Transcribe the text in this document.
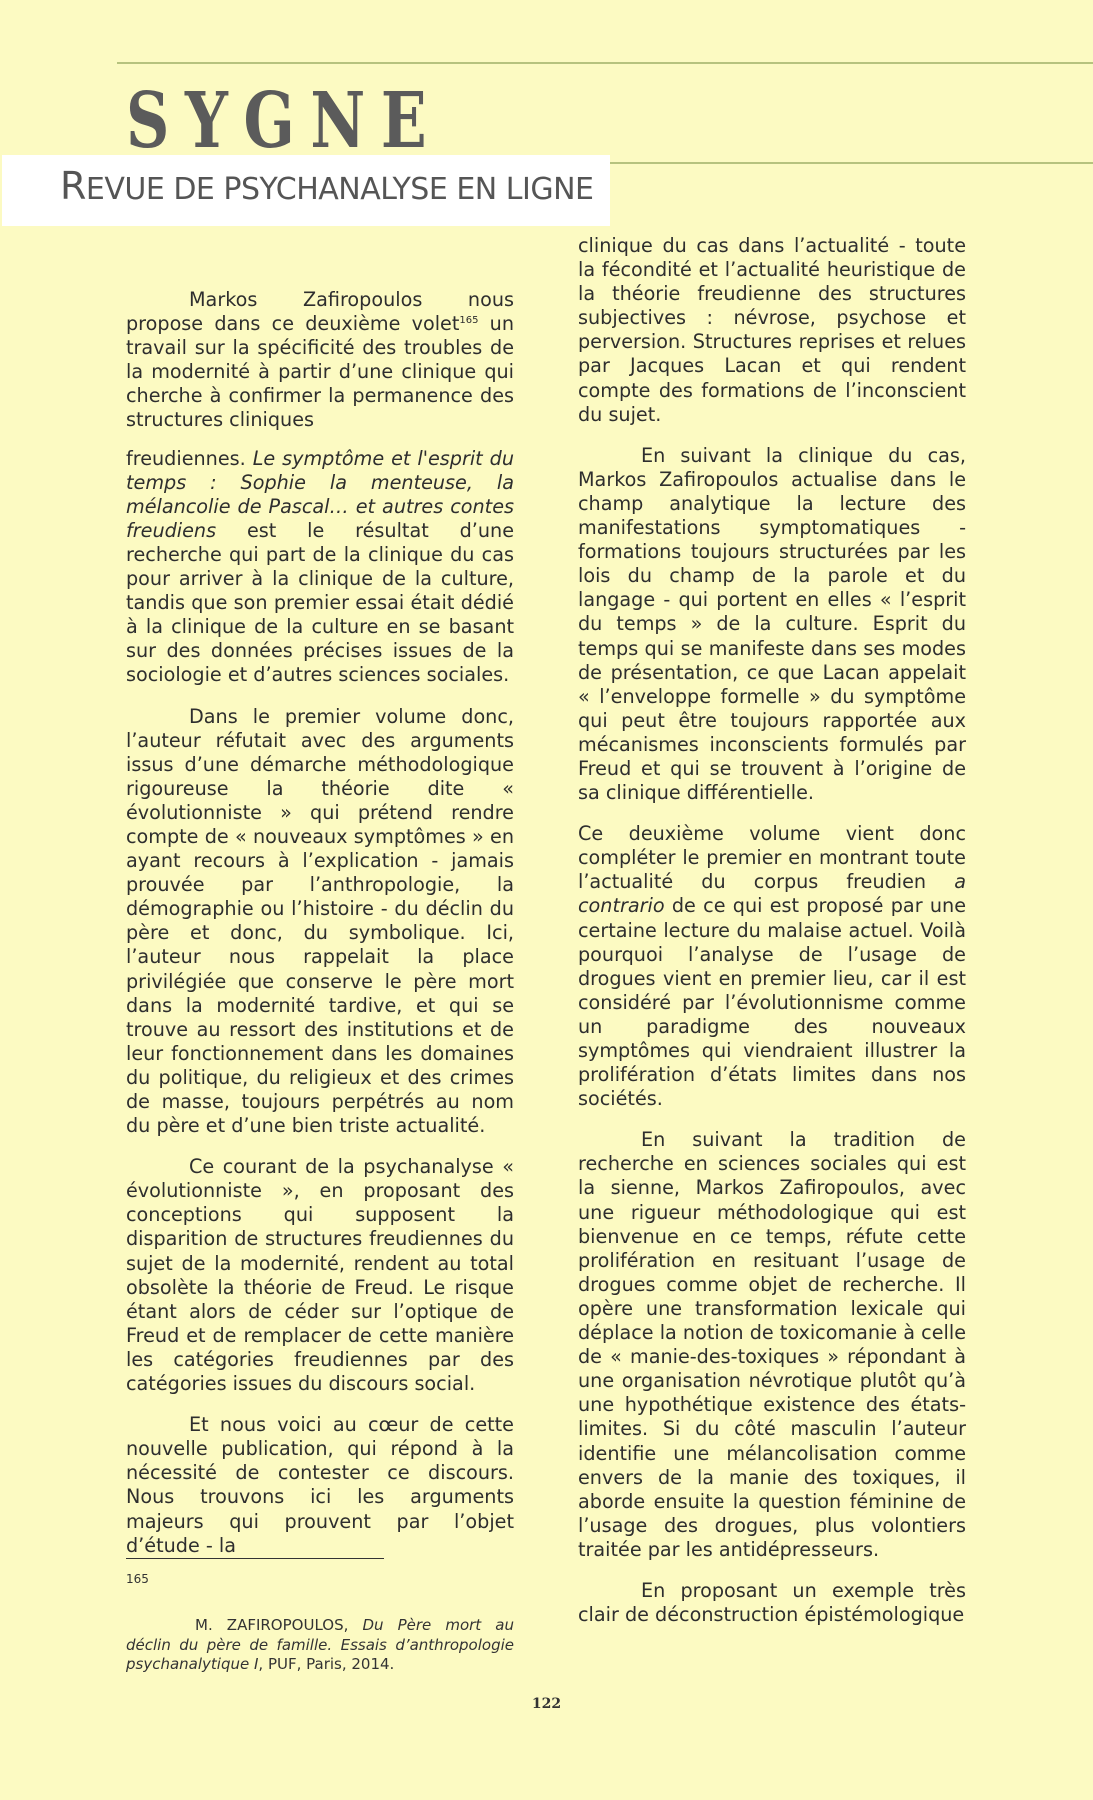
SYGNE
REVUE DE PSYCHANALYSE EN LIGNE

Markos Zafiropoulos nous propose dans ce deuxième volet$^{165}$ un travail sur la spécificité des troubles de la modernité à partir d’une clinique qui cherche à confirmer la permanence des structures cliniques

freudiennes. Le symptôme et l'esprit du temps : Sophie la menteuse, la mélancolie de Pascal… et autres contes freudiens est le résultat d’une recherche qui part de la clinique du cas pour arriver à la clinique de la culture, tandis que son premier essai était dédié à la clinique de la culture en se basant sur des données précises issues de la sociologie et d’autres sciences sociales.

Dans le premier volume donc, l’auteur réfutait avec des arguments issus d’une démarche méthodologique rigoureuse la théorie dite « évolutionniste » qui prétend rendre compte de « nouveaux symptômes » en ayant recours à l’explication - jamais prouvée par l’anthropologie, la démographie ou l’histoire - du déclin du père et donc, du symbolique. Ici, l’auteur nous rappelait la place privilégiée que conserve le père mort dans la modernité tardive, et qui se trouve au ressort des institutions et de leur fonctionnement dans les domaines du politique, du religieux et des crimes de masse, toujours perpétrés au nom du père et d’une bien triste actualité.

Ce courant de la psychanalyse « évolutionniste », en proposant des conceptions qui supposent la disparition de structures freudiennes du sujet de la modernité, rendent au total obsolète la théorie de Freud. Le risque étant alors de céder sur l’optique de Freud et de remplacer de cette manière les catégories freudiennes par des catégories issues du discours social.

Et nous voici au cœur de cette nouvelle publication, qui répond à la nécessité de contester ce discours. Nous trouvons ici les arguments majeurs qui prouvent par l’objet d’étude - la

clinique du cas dans l’actualité - toute la fécondité et l’actualité heuristique de la théorie freudienne des structures subjectives : névrose, psychose et perversion. Structures reprises et relues par Jacques Lacan et qui rendent compte des formations de l’inconscient du sujet.

En suivant la clinique du cas, Markos Zafiropoulos actualise dans le champ analytique la lecture des manifestations symptomatiques - formations toujours structurées par les lois du champ de la parole et du langage - qui portent en elles « l’esprit du temps » de la culture. Esprit du temps qui se manifeste dans ses modes de présentation, ce que Lacan appelait « l’enveloppe formelle » du symptôme qui peut être toujours rapportée aux mécanismes inconscients formulés par Freud et qui se trouvent à l’origine de sa clinique différentielle.

Ce deuxième volume vient donc compléter le premier en montrant toute l’actualité du corpus freudien a contrario de ce qui est proposé par une certaine lecture du malaise actuel. Voilà pourquoi l’analyse de l’usage de drogues vient en premier lieu, car il est considéré par l’évolutionnisme comme un paradigme des nouveaux symptômes qui viendraient illustrer la prolifération d’états limites dans nos sociétés.

En suivant la tradition de recherche en sciences sociales qui est la sienne, Markos Zafiropoulos, avec une rigueur méthodologique qui est bienvenue en ce temps, réfute cette prolifération en resituant l’usage de drogues comme objet de recherche. Il opère une transformation lexicale qui déplace la notion de toxicomanie à celle de « manie-des-toxiques » répondant à une organisation névrotique plutôt qu’à une hypothétique existence des états-limites. Si du côté masculin l’auteur identifie une mélancolisation comme envers de la manie des toxiques, il aborde ensuite la question féminine de l’usage des drogues, plus volontiers traitée par les antidépresseurs.

En proposant un exemple très clair de déconstruction épistémologique

165
M. ZAFIROPOULOS, Du Père mort au déclin du père de famille. Essais d’anthropologie psychanalytique I, PUF, Paris, 2014.
122
